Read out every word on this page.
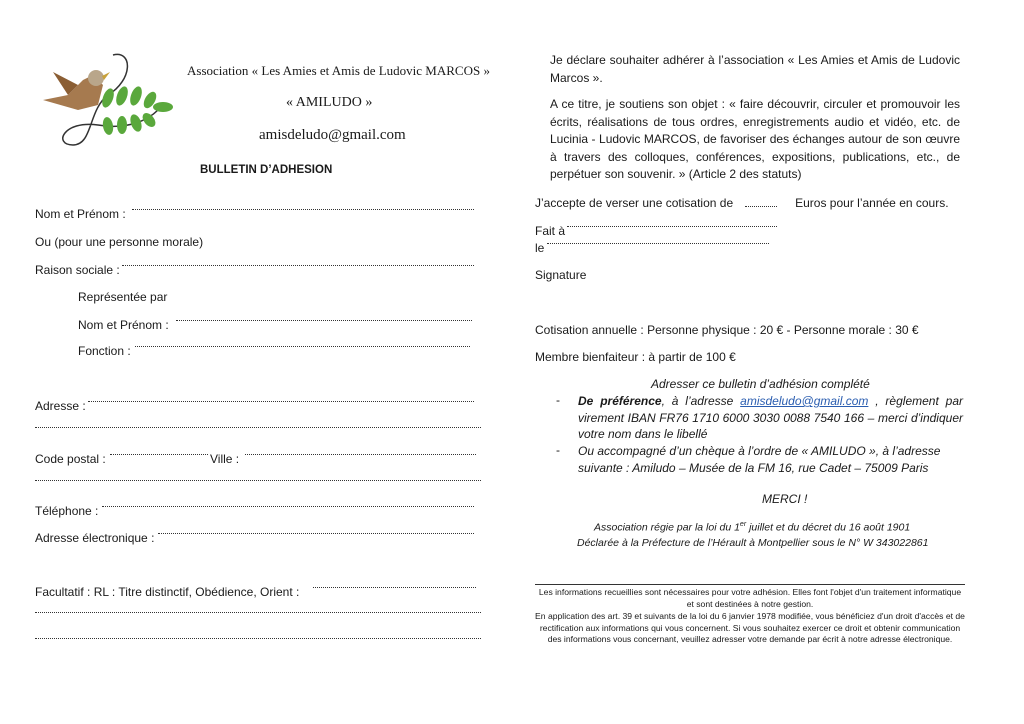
Association « Les Amies et Amis de Ludovic MARCOS »
« AMILUDO »
amisdeludo@gmail.com
BULLETIN D’ADHESION
Nom et Prénom :
Ou (pour une personne morale)
Raison sociale :
Représentée par
Nom et Prénom :
Fonction :
Adresse :
Code postal :	Ville :
Téléphone :
Adresse électronique :
Facultatif : RL : Titre distinctif, Obédience, Orient :
Je déclare souhaiter adhérer à l’association « Les Amies et Amis de Ludovic Marcos ».
A ce titre, je soutiens son objet : « faire découvrir, circuler et promouvoir les écrits, réalisations de tous ordres, enregistrements audio et vidéo, etc. de Lucinia - Ludovic MARCOS, de favoriser des échanges autour de son œuvre à travers des colloques, conférences, expositions, publications, etc., de perpétuer son souvenir. » (Article 2 des statuts)
J’accepte de verser une cotisation de	Euros pour l’année en cours.
Fait à
le
Signature
Cotisation annuelle : Personne physique : 20 € - Personne morale : 30 €
Membre bienfaiteur : à partir de 100 €
Adresser ce bulletin d’adhésion complété
- De préférence, à l’adresse amisdeludo@gmail.com , règlement par virement IBAN FR76 1710 6000 3030 0088 7540 166 – merci d’indiquer votre nom dans le libellé
- Ou accompagné d’un chèque à l’ordre de « AMILUDO », à l’adresse suivante : Amiludo – Musée de la FM 16, rue Cadet – 75009 Paris
MERCI !
Association régie par la loi du 1er juillet et du décret du 16 août 1901
Déclarée à la Préfecture de l’Hérault à Montpellier sous le N° W 343022861
Les informations recueillies sont nécessaires pour votre adhésion. Elles font l'objet d'un traitement informatique et sont destinées à notre gestion.
En application des art. 39 et suivants de la loi du 6 janvier 1978 modifiée, vous bénéficiez d'un droit d'accès et de rectification aux informations qui vous concernent. Si vous souhaitez exercer ce droit et obtenir communication des informations vous concernant, veuillez adresser votre demande par écrit à notre adresse électronique.
